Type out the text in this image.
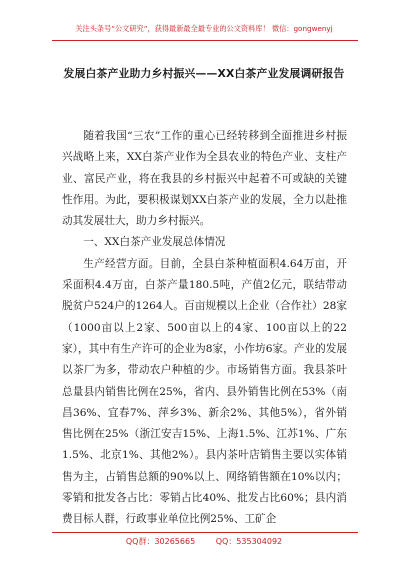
关注头条号“公文研究”，获得最新最全最专业的公文资料库！ 微信：gongwenyj
发展白茶产业助力乡村振兴——XX白茶产业发展调研报告

随着我国“三农”工作的重心已经转移到全面推进乡村振兴战略上来，XX白茶产业作为全县农业的特色产业、支柱产业、富民产业，将在我县的乡村振兴中起着不可或缺的关键性作用。为此，要积极谋划XX白茶产业的发展，全力以赴推动其发展壮大，助力乡村振兴。

一、XX白茶产业发展总体情况

生产经营方面。目前，全县白茶种植面积4.64万亩，开采面积4.4万亩，白茶产量180.5吨，产值2亿元，联结带动脱贫户524户的1264人。百亩规模以上企业（合作社）28家（1000亩以上2家、500亩以上的4家、100亩以上的22家），其中有生产许可的企业为8家，小作坊6家。产业的发展以茶厂为多，带动农户种植的少。市场销售方面。我县茶叶总量县内销售比例在25%，省内、县外销售比例在53%（南昌36%、宜春7%、萍乡3%、新余2%、其他5%），省外销售比例在25%（浙江安吉15%、上海1.5%、江苏1%、广东1.5%、北京1%、其他2%）。县内茶叶店销售主要以实体销售为主，占销售总额的90%以上、网络销售额在10%以内；零销和批发各占比：零销占比40%、批发占比60%；县内消费目标人群，行政事业单位比例25%、工矿企

QQ群：30265665	QQ：535304092
